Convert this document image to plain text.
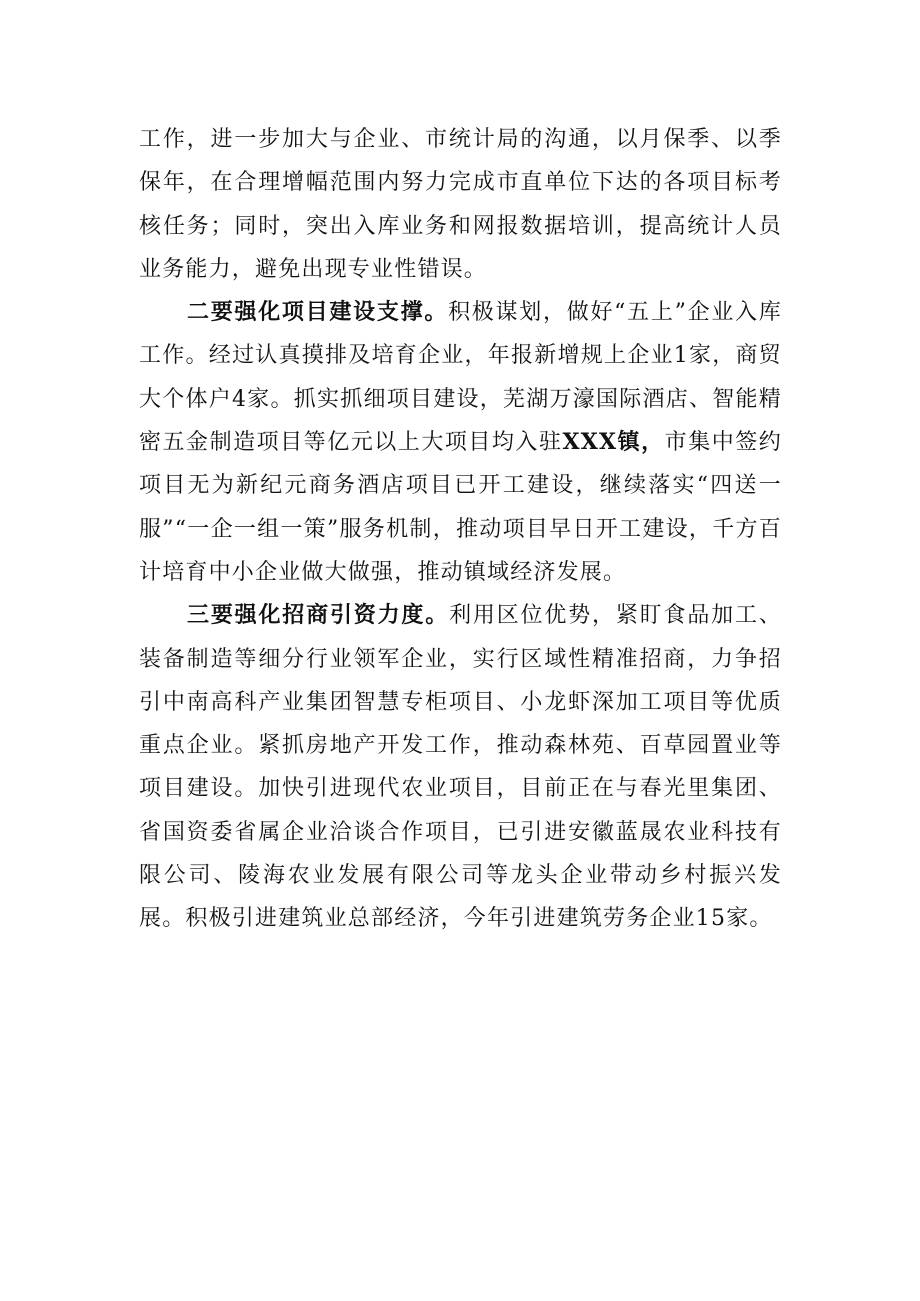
工作，进一步加大与企业、市统计局的沟通，以月保季、以季保年，在合理增幅范围内努力完成市直单位下达的各项目标考核任务；同时，突出入库业务和网报数据培训，提高统计人员业务能力，避免出现专业性错误。

二要强化项目建设支撑。积极谋划，做好“五上”企业入库工作。经过认真摸排及培育企业，年报新增规上企业1家，商贸大个体户4家。抓实抓细项目建设，芜湖万濠国际酒店、智能精密五金制造项目等亿元以上大项目均入驻XXX镇，市集中签约项目无为新纪元商务酒店项目已开工建设，继续落实“四送一服”“一企一组一策”服务机制，推动项目早日开工建设，千方百计培育中小企业做大做强，推动镇域经济发展。

三要强化招商引资力度。利用区位优势，紧盯食品加工、装备制造等细分行业领军企业，实行区域性精准招商，力争招引中南高科产业集团智慧专柜项目、小龙虾深加工项目等优质重点企业。紧抓房地产开发工作，推动森林苑、百草园置业等项目建设。加快引进现代农业项目，目前正在与春光里集团、省国资委省属企业洽谈合作项目，已引进安徽蓝晟农业科技有限公司、陵海农业发展有限公司等龙头企业带动乡村振兴发展。积极引进建筑业总部经济，今年引进建筑劳务企业15家。
